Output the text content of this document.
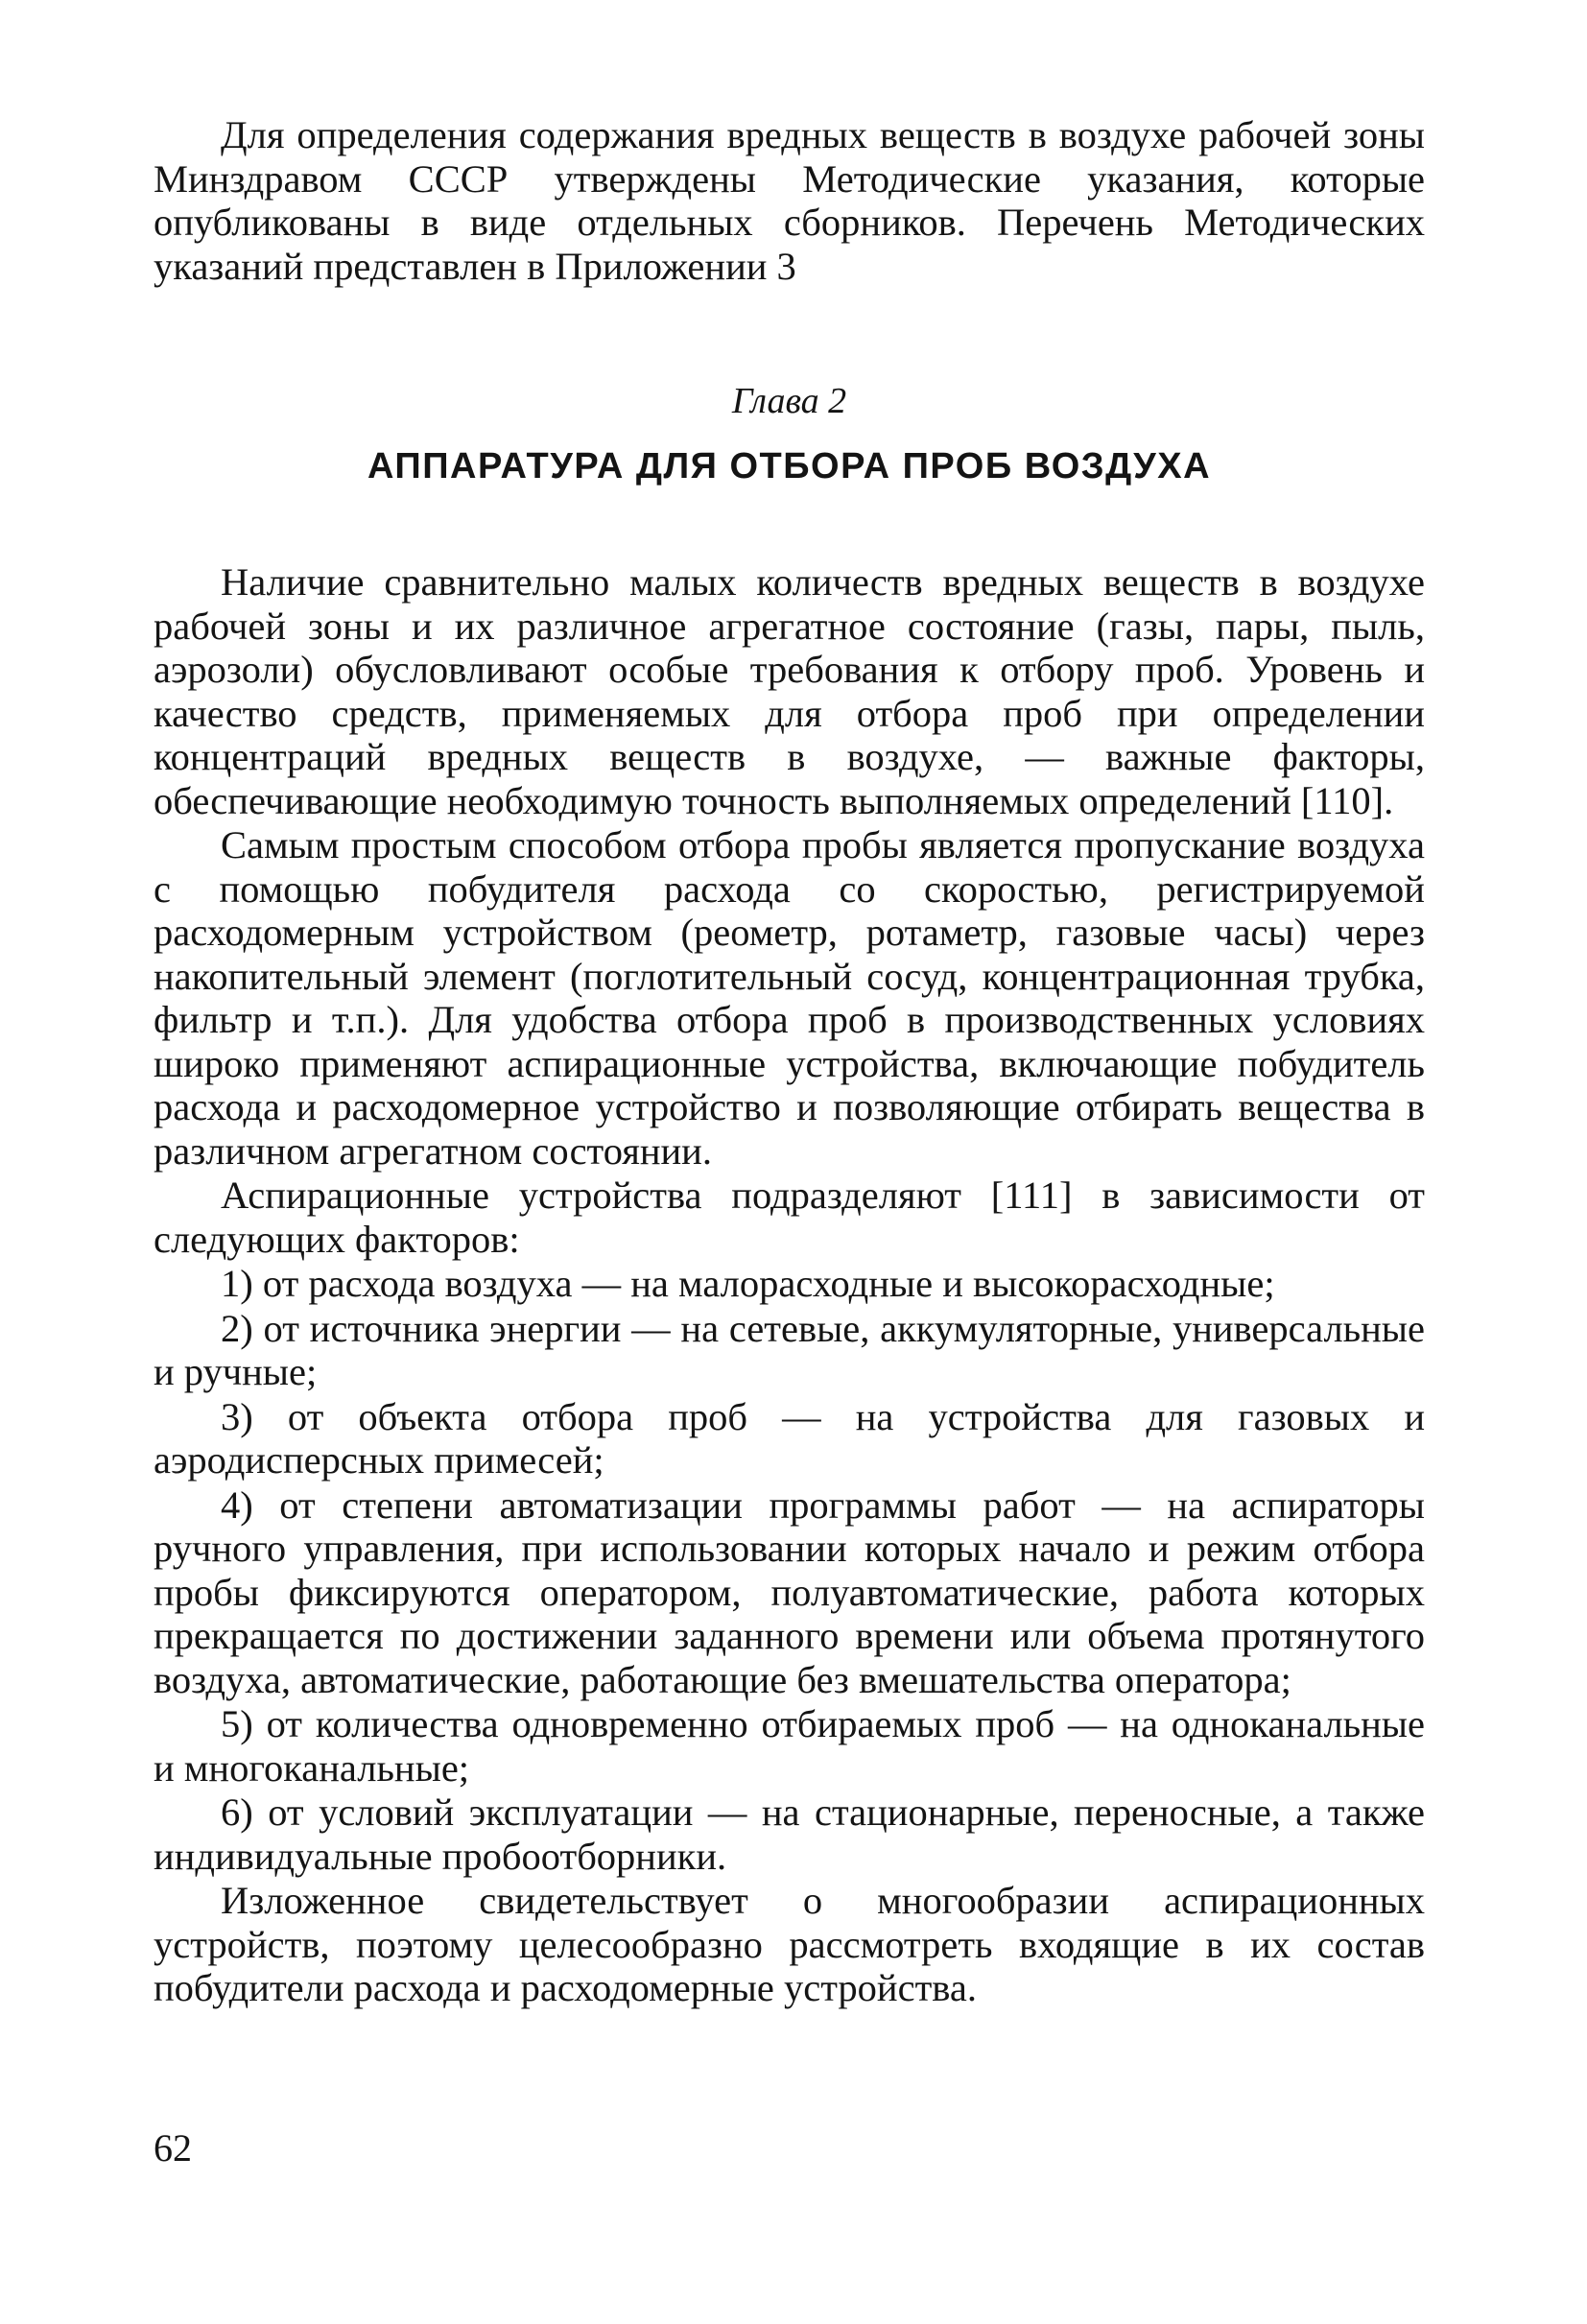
Для определения содержания вредных веществ в воздухе рабочей зоны Минздравом СССР утверждены Методические указания, которые опубликованы в виде отдельных сборников. Перечень Методических указаний представлен в Приложении 3

Глава 2
АППАРАТУРА ДЛЯ ОТБОРА ПРОБ ВОЗДУХА

Наличие сравнительно малых количеств вредных веществ в воздухе рабочей зоны и их различное агрегатное состояние (газы, пары, пыль, аэрозоли) обусловливают особые требования к отбору проб. Уровень и качество средств, применяемых для отбора проб при определении концентраций вредных веществ в воздухе, — важные факторы, обеспечивающие необходимую точность выполняемых определений [110].

Самым простым способом отбора пробы является пропускание воздуха с помощью побудителя расхода со скоростью, регистрируемой расходомерным устройством (реометр, ротаметр, газовые часы) через накопительный элемент (поглотительный сосуд, концентрационная трубка, фильтр и т.п.). Для удобства отбора проб в производственных условиях широко применяют аспирационные устройства, включающие побудитель расхода и расходомерное устройство и позволяющие отбирать вещества в различном агрегатном состоянии.

Аспирационные устройства подразделяют [111] в зависимости от следующих факторов:

1) от расхода воздуха — на малорасходные и высокорасходные;

2) от источника энергии — на сетевые, аккумуляторные, универсальные и ручные;

3) от объекта отбора проб — на устройства для газовых и аэродисперсных примесей;

4) от степени автоматизации программы работ — на аспираторы ручного управления, при использовании которых начало и режим отбора пробы фиксируются оператором, полуавтоматические, работа которых прекращается по достижении заданного времени или объема протянутого воздуха, автоматические, работающие без вмешательства оператора;

5) от количества одновременно отбираемых проб — на одноканальные и многоканальные;

6) от условий эксплуатации — на стационарные, переносные, а также индивидуальные пробоотборники.

Изложенное свидетельствует о многообразии аспирационных устройств, поэтому целесообразно рассмотреть входящие в их состав побудители расхода и расходомерные устройства.

62
